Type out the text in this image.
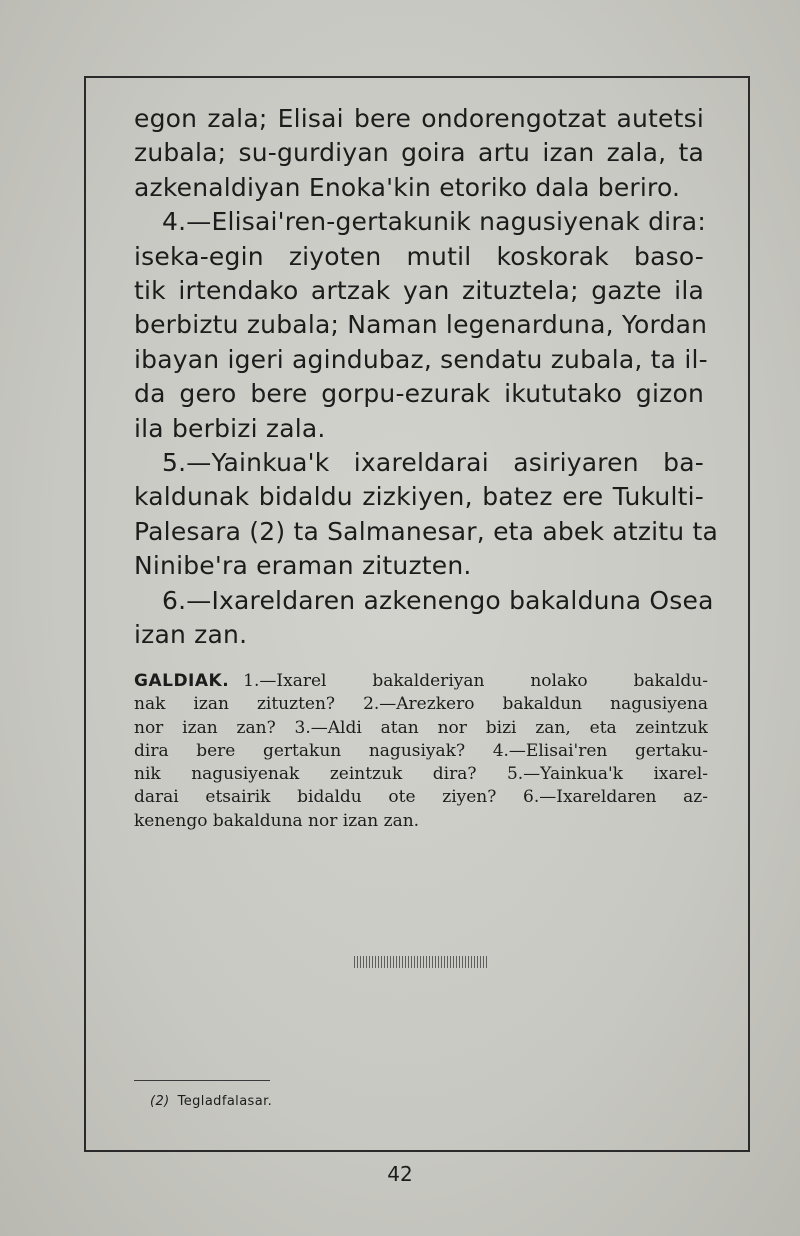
egon zala; Elisai bere ondorengotzat autetsi
zubala; su-gurdiyan goira artu izan zala, ta
azkenaldiyan Enoka'kin etoriko dala beriro.
4.—Elisai'ren-gertakunik nagusiyenak dira:
iseka-egin ziyoten mutil koskorak baso-
tik irtendako artzak yan zituztela; gazte ila
berbiztu zubala; Naman legenarduna, Yordan
ibayan igeri agindubaz, sendatu zubala, ta il-
da gero bere gorpu-ezurak ikututako gizon
ila berbizi zala.
5.—Yainkua'k ixareldarai asiriyaren ba-
kaldunak bidaldu zizkiyen, batez ere Tukulti-
Palesara (2) ta Salmanesar, eta abek atzitu ta
Ninibe'ra eraman zituzten.
6.—Ixareldaren azkenengo bakalduna Osea
izan zan.
GALDIAK. 1.—Ixarel bakalderiyan nolako bakaldu-
nak izan zituzten? 2.—Arezkero bakaldun nagusiyena
nor izan zan? 3.—Aldi atan nor bizi zan, eta zeintzuk
dira bere gertakun nagusiyak? 4.—Elisai'ren gertaku-
nik nagusiyenak zeintzuk dira? 5.—Yainkua'k ixarel-
darai etsairik bidaldu ote ziyen? 6.—Ixareldaren az-
kenengo bakalduna nor izan zan.
(2) Tegladfalasar.
42
